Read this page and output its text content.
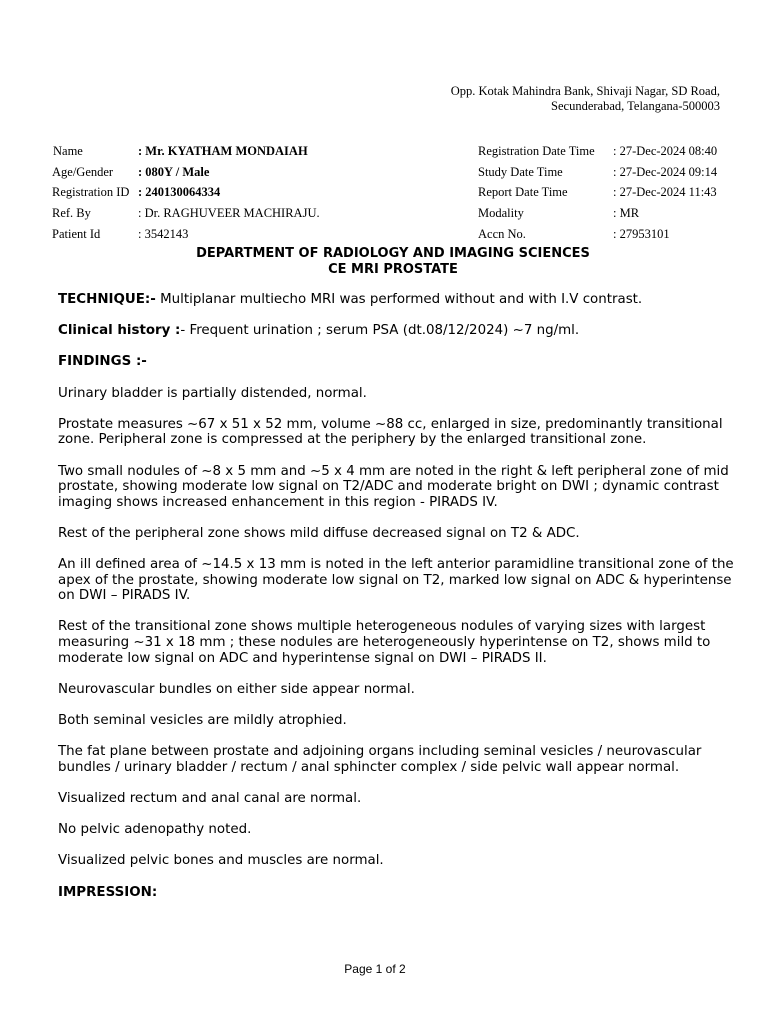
Opp. Kotak Mahindra Bank, Shivaji Nagar, SD Road,
Secunderabad, Telangana-500003
Name	: Mr. KYATHAM MONDAIAH	Registration Date Time : 27-Dec-2024 08:40
Age/Gender : 080Y / Male	Study Date Time	: 27-Dec-2024 09:14
Registration ID : 240130064334	Report Date Time	: 27-Dec-2024 11:43
Ref. By	: Dr. RAGHUVEER MACHIRAJU.	Modality	: MR
Patient Id	: 3542143	Accn No.	: 27953101
DEPARTMENT OF RADIOLOGY AND IMAGING SCIENCES
CE MRI PROSTATE

TECHNIQUE:- Multiplanar multiecho MRI was performed without and with I.V contrast.

Clinical history :- Frequent urination ; serum PSA (dt.08/12/2024) ~7 ng/ml.

FINDINGS :-

Urinary bladder is partially distended, normal.

Prostate measures ~67 x 51 x 52 mm, volume ~88 cc, enlarged in size, predominantly transitional zone. Peripheral zone is compressed at the periphery by the enlarged transitional zone.

Two small nodules of ~8 x 5 mm and ~5 x 4 mm are noted in the right & left peripheral zone of mid prostate, showing moderate low signal on T2/ADC and moderate bright on DWI ; dynamic contrast imaging shows increased enhancement in this region - PIRADS IV.

Rest of the peripheral zone shows mild diffuse decreased signal on T2 & ADC.

An ill defined area of ~14.5 x 13 mm is noted in the left anterior paramidline transitional zone of the apex of the prostate, showing moderate low signal on T2, marked low signal on ADC & hyperintense on DWI – PIRADS IV.

Rest of the transitional zone shows multiple heterogeneous nodules of varying sizes with largest measuring ~31 x 18 mm ; these nodules are heterogeneously hyperintense on T2, shows mild to moderate low signal on ADC and hyperintense signal on DWI – PIRADS II.

Neurovascular bundles on either side appear normal.

Both seminal vesicles are mildly atrophied.

The fat plane between prostate and adjoining organs including seminal vesicles / neurovascular bundles / urinary bladder / rectum / anal sphincter complex / side pelvic wall appear normal.

Visualized rectum and anal canal are normal.

No pelvic adenopathy noted.

Visualized pelvic bones and muscles are normal.

IMPRESSION:

Page 1 of 2
